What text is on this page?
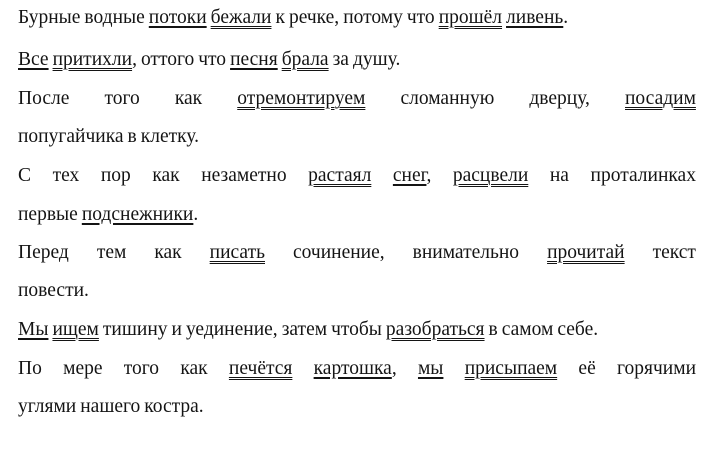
Бурные водные потоки бежали к речке, потому что прошёл ливень.
Все притихли, оттого что песня брала за душу.
После того как отремонтируем сломанную дверцу, посадим
попугайчика в клетку.
С тех пор как незаметно растаял снег, расцвели на проталинках
первые подснежники.
Перед тем как писать сочинение, внимательно прочитай текст
повести.
Мы ищем тишину и уединение, затем чтобы разобраться в самом себе.
По мере того как печётся картошка, мы присыпаем её горячими
углями нашего костра.
